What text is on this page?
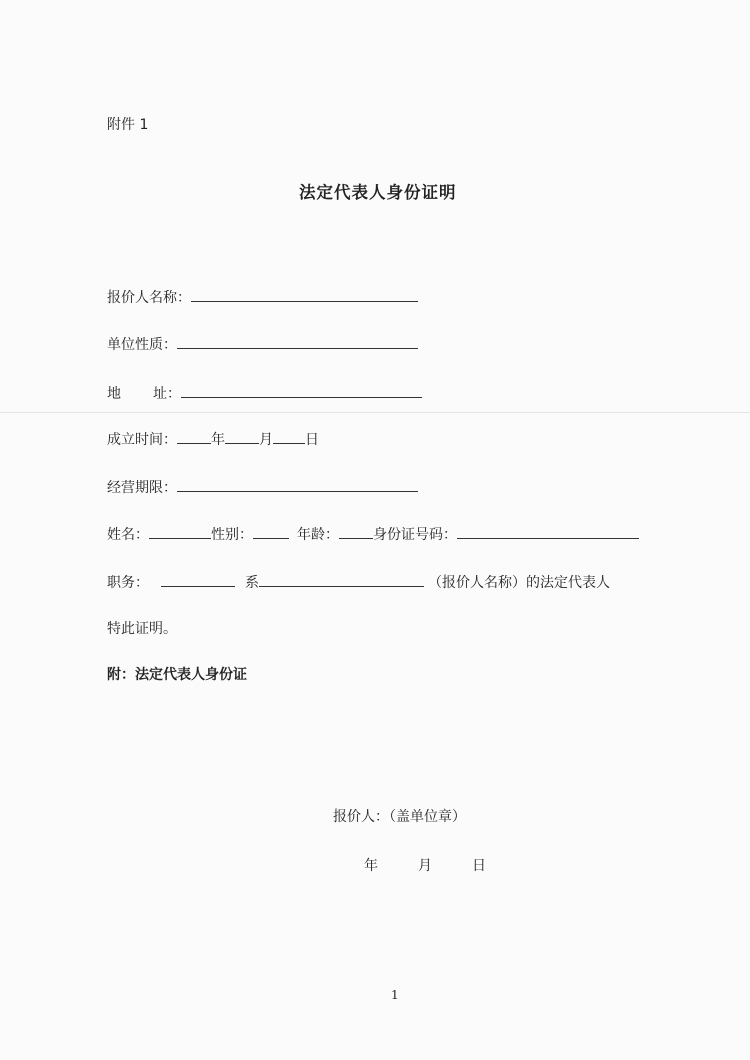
附件 1
法定代表人身份证明
报价人名称：
单位性质：
地 址：
成立时间： 年 月 日
经营期限：
姓名：	性别：	年龄： 身份证号码：
职务：	系	（报价人名称）的法定代表人
特此证明。
附：法定代表人身份证
报价人：（盖单位章）
年	月	日
1
